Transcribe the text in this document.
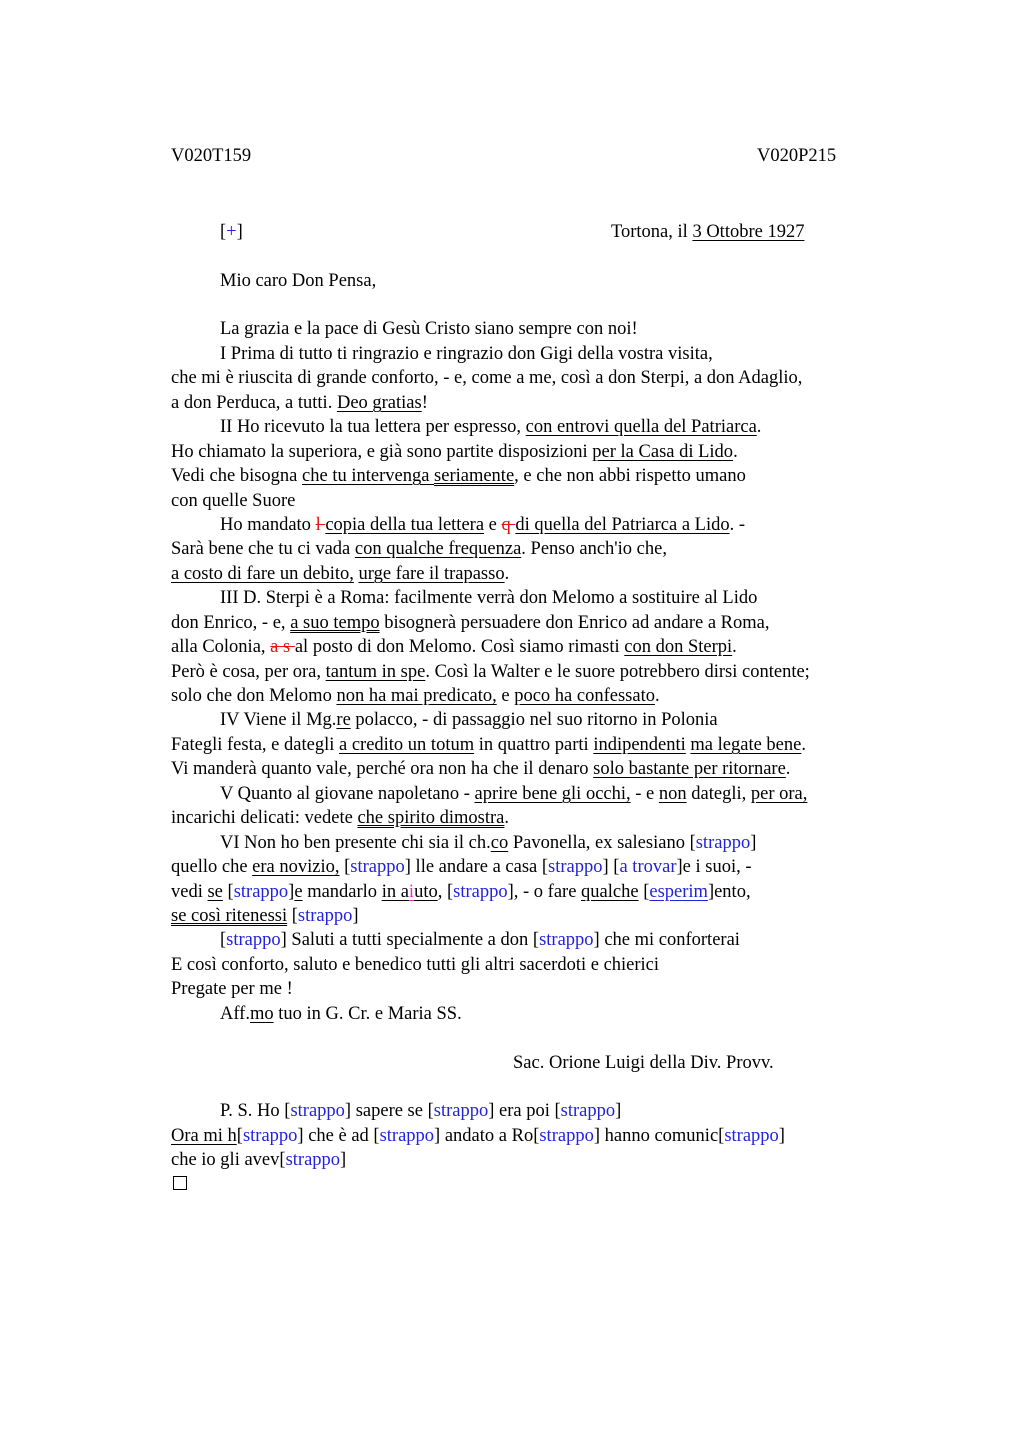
V020T159	V020P215
[+]	Tortona, il 3 Ottobre 1927
Mio caro Don Pensa,
La grazia e la pace di Gesù Cristo siano sempre con noi!
I Prima di tutto ti ringrazio e ringrazio don Gigi della vostra visita,
che mi è riuscita di grande conforto, - e, come a me, così a don Sterpi, a don Adaglio,
a don Perduca, a tutti. Deo gratias!
II Ho ricevuto la tua lettera per espresso, con entrovi quella del Patriarca.
Ho chiamato la superiora, e già sono partite disposizioni per la Casa di Lido.
Vedi che bisogna che tu intervenga seriamente, e che non abbi rispetto umano
con quelle Suore
Ho mandato l copia della tua lettera e q di quella del Patriarca a Lido. -
Sarà bene che tu ci vada con qualche frequenza. Penso anch'io che,
a costo di fare un debito, urge fare il trapasso.
III D. Sterpi è a Roma: facilmente verrà don Melomo a sostituire al Lido
don Enrico, - e, a suo tempo bisognerà persuadere don Enrico ad andare a Roma,
alla Colonia, a s al posto di don Melomo. Così siamo rimasti con don Sterpi.
Però è cosa, per ora, tantum in spe. Così la Walter e le suore potrebbero dirsi contente;
solo che don Melomo non ha mai predicato, e poco ha confessato.
IV Viene il Mg.re polacco, - di passaggio nel suo ritorno in Polonia
Fategli festa, e dategli a credito un totum in quattro parti indipendenti ma legate bene.
Vi manderà quanto vale, perché ora non ha che il denaro solo bastante per ritornare.
V Quanto al giovane napoletano - aprire bene gli occhi, - e non dategli, per ora,
incarichi delicati: vedete che spirito dimostra.
VI Non ho ben presente chi sia il ch.co Pavonella, ex salesiano [strappo]
quello che era novizio, [strappo] lle andare a casa [strappo] [a trovar]e i suoi, -
vedi se [strappo]e mandarlo in aiuto, [strappo], - o fare qualche [esperim]ento,
se così ritenessi [strappo]
[strappo] Saluti a tutti specialmente a don [strappo] che mi conforterai
E così conforto, saluto e benedico tutti gli altri sacerdoti e chierici
Pregate per me !
Aff.mo tuo in G. Cr. e Maria SS.
Sac. Orione Luigi della Div. Provv.
P. S. Ho [strappo] sapere se [strappo] era poi [strappo]
Ora mi h[strappo] che è ad [strappo] andato a Ro[strappo] hanno comunic[strappo]
che io gli avev[strappo]
